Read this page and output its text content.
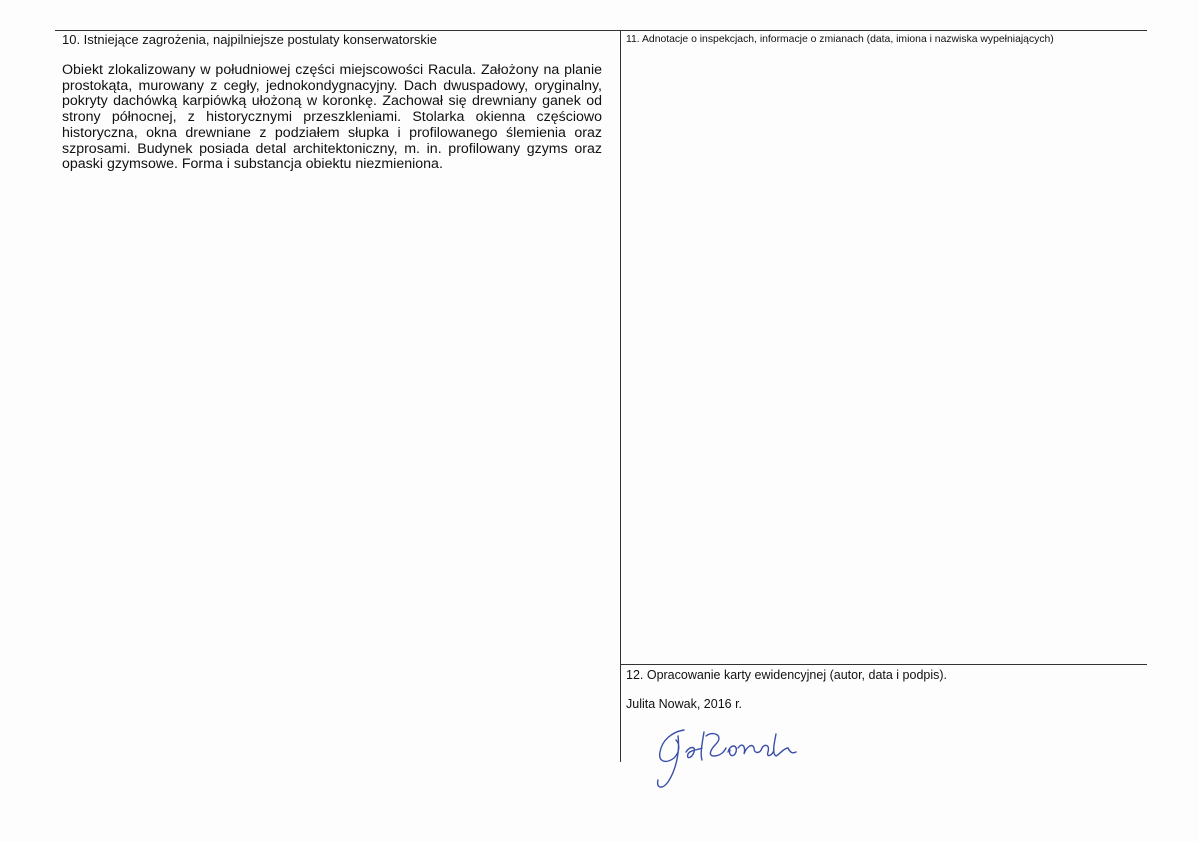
10. Istniejące zagrożenia, najpilniejsze postulaty konserwatorskie
Obiekt zlokalizowany w południowej części miejscowości Racula. Założony na planie prostokąta, murowany z cegły, jednokondygnacyjny. Dach dwuspadowy, oryginalny, pokryty dachówką karpiówką ułożoną w koronkę. Zachował się drewniany ganek od strony północnej, z historycznymi przeszkleniami. Stolarka okienna częściowo historyczna, okna drewniane z podziałem słupka i profilowanego ślemienia oraz szprosami. Budynek posiada detal architektoniczny, m. in. profilowany gzyms oraz opaski gzymsowe. Forma i substancja obiektu niezmieniona.
11. Adnotacje o inspekcjach, informacje o zmianach (data, imiona i nazwiska wypełniających)
12. Opracowanie karty ewidencyjnej (autor, data i podpis).
Julita Nowak, 2016 r.
